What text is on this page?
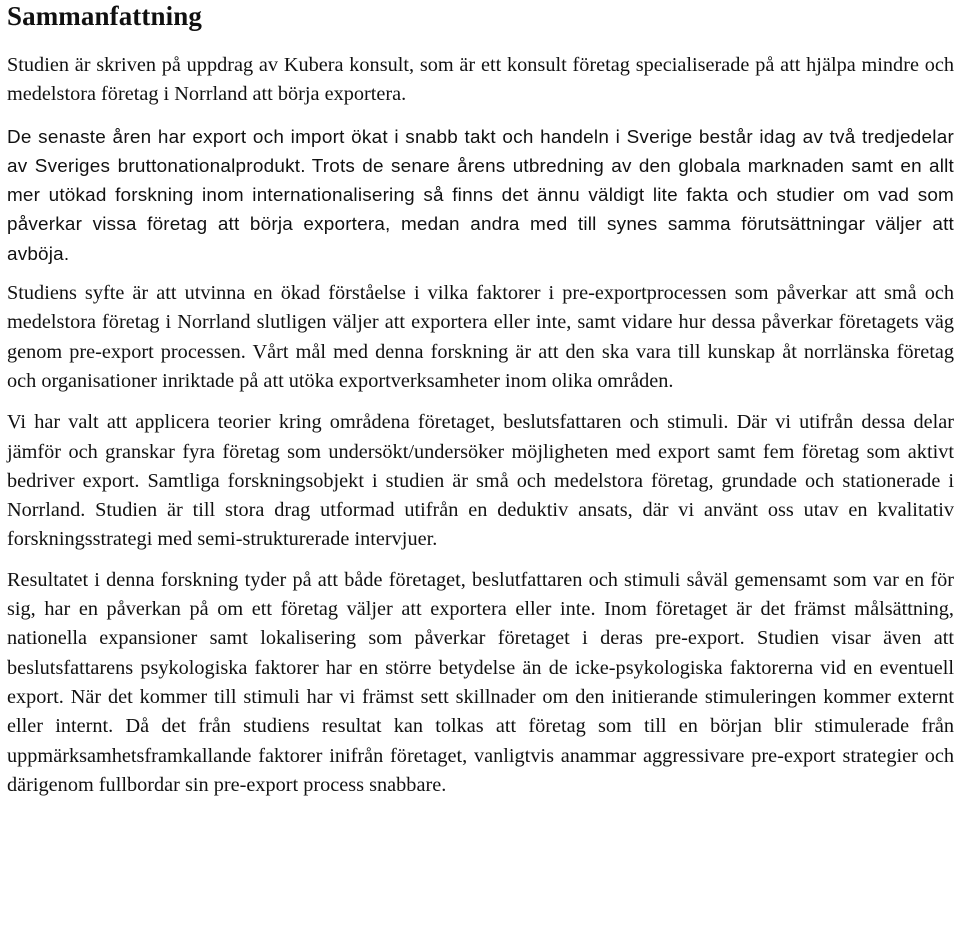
Sammanfattning

Studien är skriven på uppdrag av Kubera konsult, som är ett konsult företag specialiserade på att hjälpa mindre och medelstora företag i Norrland att börja exportera.

De senaste åren har export och import ökat i snabb takt och handeln i Sverige består idag av två tredjedelar av Sveriges bruttonationalprodukt. Trots de senare årens utbredning av den globala marknaden samt en allt mer utökad forskning inom internationalisering så finns det ännu väldigt lite fakta och studier om vad som påverkar vissa företag att börja exportera, medan andra med till synes samma förutsättningar väljer att avböja.

Studiens syfte är att utvinna en ökad förståelse i vilka faktorer i pre-exportprocessen som påverkar att små och medelstora företag i Norrland slutligen väljer att exportera eller inte, samt vidare hur dessa påverkar företagets väg genom pre-export processen. Vårt mål med denna forskning är att den ska vara till kunskap åt norrlänska företag och organisationer inriktade på att utöka exportverksamheter inom olika områden.

Vi har valt att applicera teorier kring områdena företaget, beslutsfattaren och stimuli. Där vi utifrån dessa delar jämför och granskar fyra företag som undersökt/undersöker möjligheten med export samt fem företag som aktivt bedriver export. Samtliga forskningsobjekt i studien är små och medelstora företag, grundade och stationerade i Norrland. Studien är till stora drag utformad utifrån en deduktiv ansats, där vi använt oss utav en kvalitativ forskningsstrategi med semi-strukturerade intervjuer.

Resultatet i denna forskning tyder på att både företaget, beslutfattaren och stimuli såväl gemensamt som var en för sig, har en påverkan på om ett företag väljer att exportera eller inte. Inom företaget är det främst målsättning, nationella expansioner samt lokalisering som påverkar företaget i deras pre-export. Studien visar även att beslutsfattarens psykologiska faktorer har en större betydelse än de icke-psykologiska faktorerna vid en eventuell export. När det kommer till stimuli har vi främst sett skillnader om den initierande stimuleringen kommer externt eller internt. Då det från studiens resultat kan tolkas att företag som till en början blir stimulerade från uppmärksamhetsframkallande faktorer inifrån företaget, vanligtvis anammar aggressivare pre-export strategier och därigenom fullbordar sin pre-export process snabbare.
